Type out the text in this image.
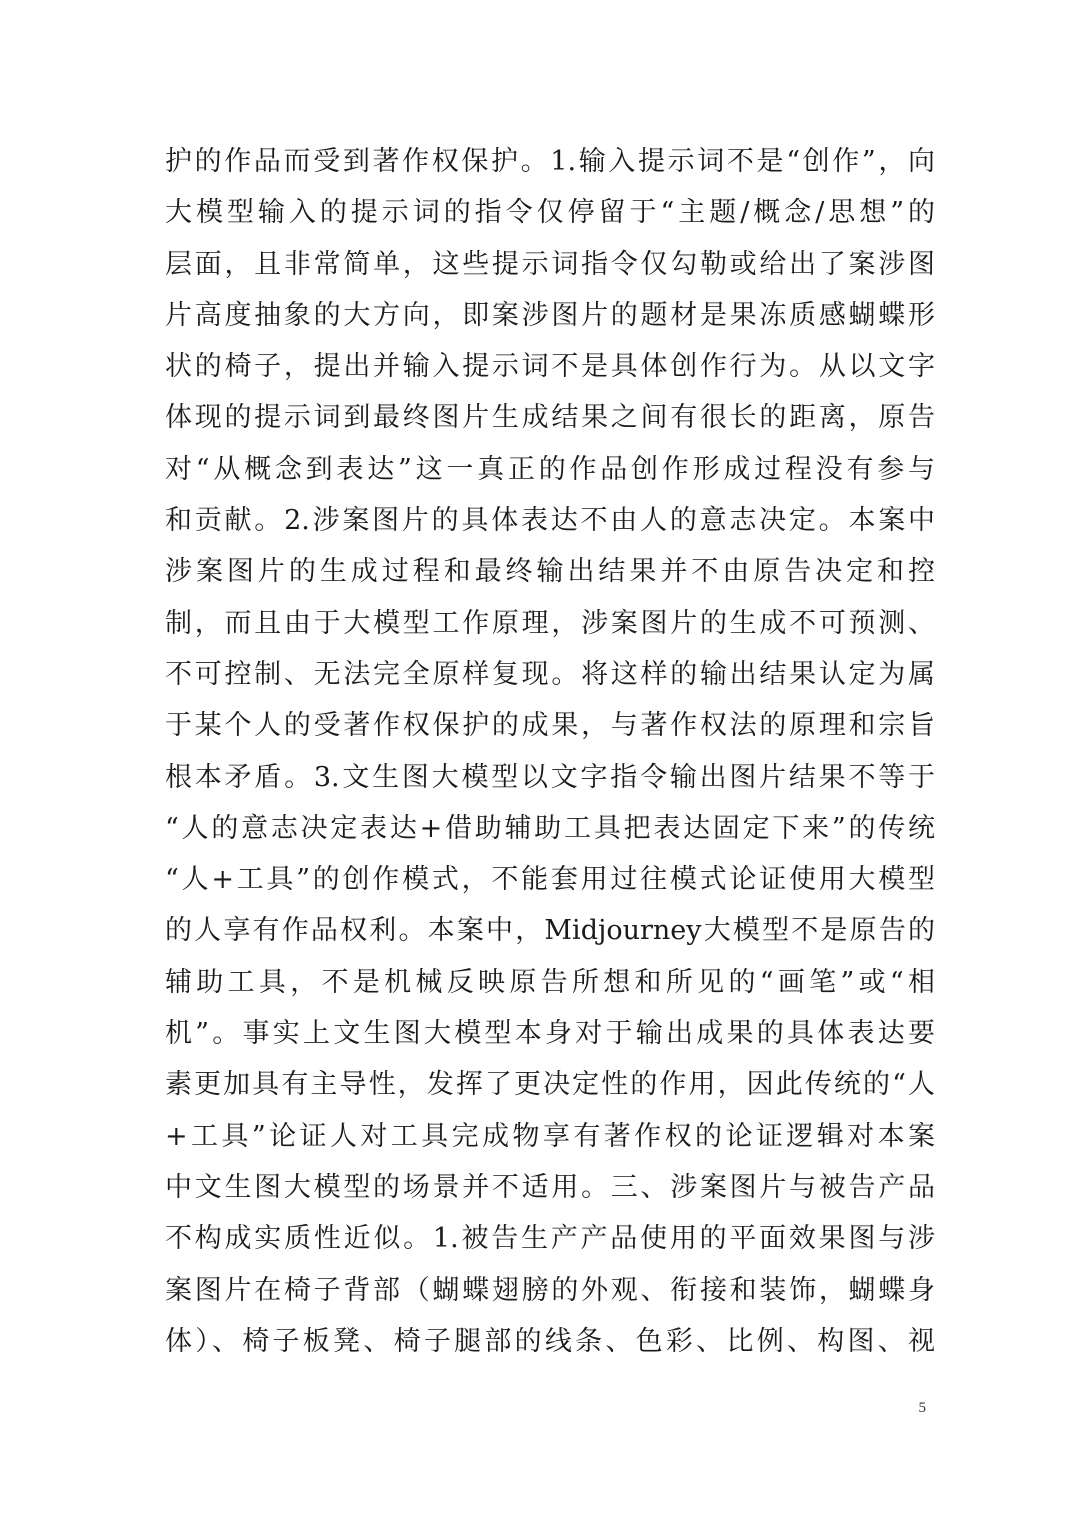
护的作品而受到著作权保护。1.输入提示词不是“创作”，向
大模型输入的提示词的指令仅停留于“主题/概念/思想”的
层面，且非常简单，这些提示词指令仅勾勒或给出了案涉图
片高度抽象的大方向，即案涉图片的题材是果冻质感蝴蝶形
状的椅子，提出并输入提示词不是具体创作行为。从以文字
体现的提示词到最终图片生成结果之间有很长的距离，原告
对“从概念到表达”这一真正的作品创作形成过程没有参与
和贡献。2.涉案图片的具体表达不由人的意志决定。本案中
涉案图片的生成过程和最终输出结果并不由原告决定和控
制，而且由于大模型工作原理，涉案图片的生成不可预测、
不可控制、无法完全原样复现。将这样的输出结果认定为属
于某个人的受著作权保护的成果，与著作权法的原理和宗旨
根本矛盾。3.文生图大模型以文字指令输出图片结果不等于
“人的意志决定表达+借助辅助工具把表达固定下来”的传统
“人+工具”的创作模式，不能套用过往模式论证使用大模型
的人享有作品权利。本案中，Midjourney大模型不是原告的
辅助工具，不是机械反映原告所想和所见的“画笔”或“相
机”。事实上文生图大模型本身对于输出成果的具体表达要
素更加具有主导性，发挥了更决定性的作用，因此传统的“人
+工具”论证人对工具完成物享有著作权的论证逻辑对本案
中文生图大模型的场景并不适用。三、涉案图片与被告产品
不构成实质性近似。1.被告生产产品使用的平面效果图与涉
案图片在椅子背部（蝴蝶翅膀的外观、衔接和装饰，蝴蝶身
体）、椅子板凳、椅子腿部的线条、色彩、比例、构图、视
5
